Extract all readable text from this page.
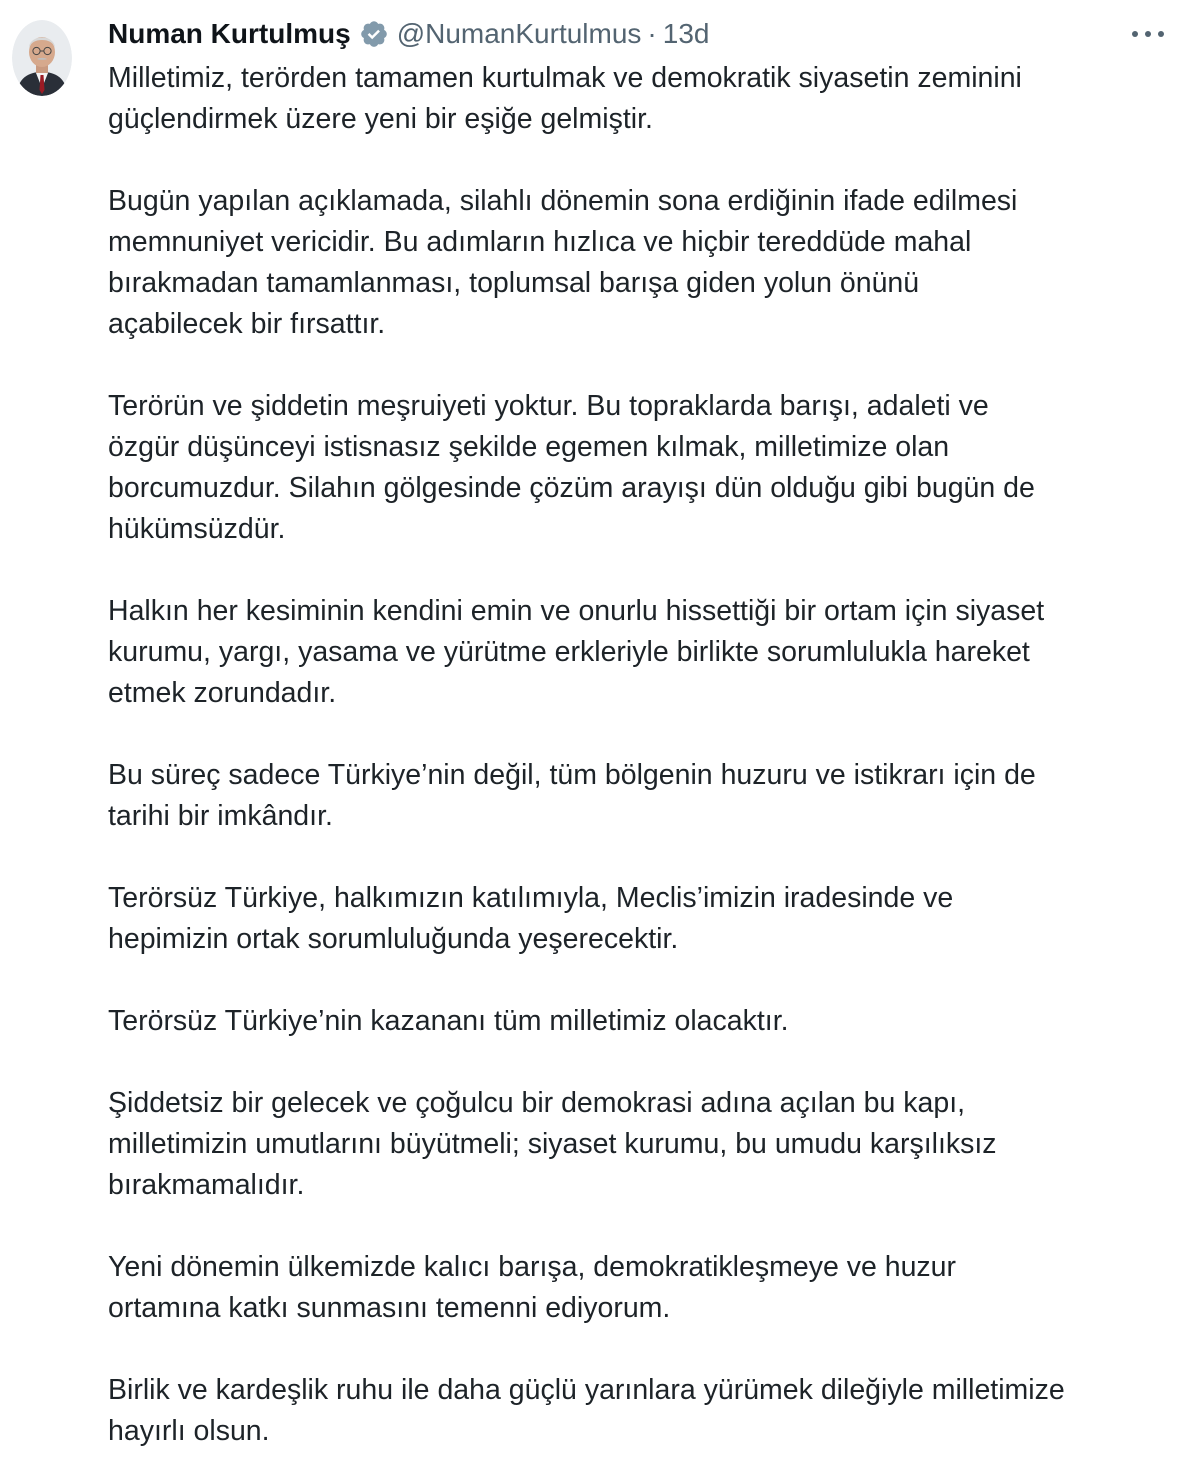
Numan Kurtulmuş @NumanKurtulmus · 13d

Milletimiz, terörden tamamen kurtulmak ve demokratik siyasetin zeminini
güçlendirmek üzere yeni bir eşiğe gelmiştir.

Bugün yapılan açıklamada, silahlı dönemin sona erdiğinin ifade edilmesi
memnuniyet vericidir. Bu adımların hızlıca ve hiçbir tereddüde mahal
bırakmadan tamamlanması, toplumsal barışa giden yolun önünü
açabilecek bir fırsattır.

Terörün ve şiddetin meşruiyeti yoktur. Bu topraklarda barışı, adaleti ve
özgür düşünceyi istisnasız şekilde egemen kılmak, milletimize olan
borcumuzdur. Silahın gölgesinde çözüm arayışı dün olduğu gibi bugün de
hükümsüzdür.

Halkın her kesiminin kendini emin ve onurlu hissettiği bir ortam için siyaset
kurumu, yargı, yasama ve yürütme erkleriyle birlikte sorumlulukla hareket
etmek zorundadır.

Bu süreç sadece Türkiye’nin değil, tüm bölgenin huzuru ve istikrarı için de
tarihi bir imkândır.

Terörsüz Türkiye, halkımızın katılımıyla, Meclis’imizin iradesinde ve
hepimizin ortak sorumluluğunda yeşerecektir.

Terörsüz Türkiye’nin kazananı tüm milletimiz olacaktır.

Şiddetsiz bir gelecek ve çoğulcu bir demokrasi adına açılan bu kapı,
milletimizin umutlarını büyütmeli; siyaset kurumu, bu umudu karşılıksız
bırakmamalıdır.

Yeni dönemin ülkemizde kalıcı barışa, demokratikleşmeye ve huzur
ortamına katkı sunmasını temenni ediyorum.

Birlik ve kardeşlik ruhu ile daha güçlü yarınlara yürümek dileğiyle milletimize
hayırlı olsun.
